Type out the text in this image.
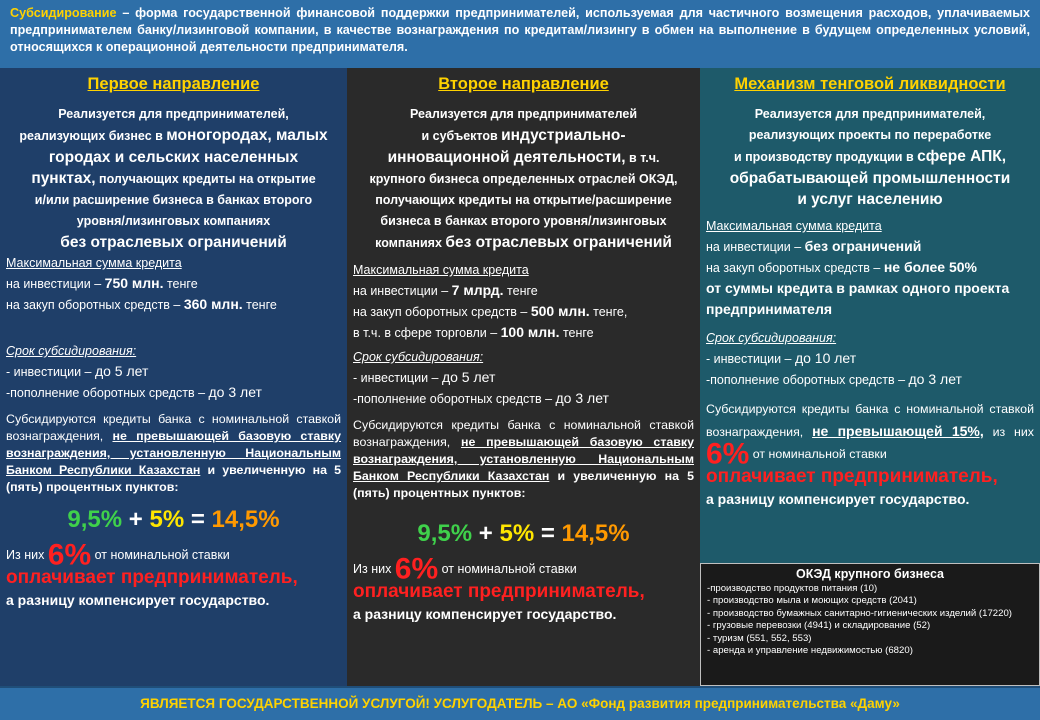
Субсидирование – форма государственной финансовой поддержки предпринимателей, используемая для частичного возмещения расходов, уплачиваемых предпринимателем банку/лизинговой компании, в качестве вознаграждения по кредитам/лизингу в обмен на выполнение в будущем определенных условий, относящихся к операционной деятельности предпринимателя.
Первое направление
Реализуется для предпринимателей,
реализующих бизнес в моногородах, малых
городах и сельских населенных
пунктах, получающих кредиты на открытие
и/или расширение бизнеса в банках второго
уровня/лизинговых компаниях
без отраслевых ограничений
Максимальная сумма кредита
на инвестиции – 750 млн. тенге
на закуп оборотных средств – 360 млн. тенге
Срок субсидирования:
- инвестиции – до 5 лет
-пополнение оборотных средств – до 3 лет
Субсидируются кредиты банка с номинальной ставкой вознаграждения, не превышающей базовую ставку вознаграждения, установленную Национальным Банком Республики Казахстан и увеличенную на 5 (пять) процентных пунктов:
9,5% + 5% = 14,5%
Из них 6% от номинальной ставки
оплачивает предприниматель,
а разницу компенсирует государство.
Второе направление
Реализуется для предпринимателей
и субъектов индустриально-
инновационной деятельности, в т.ч.
крупного бизнеса определенных отраслей ОКЭД,
получающих кредиты на открытие/расширение
бизнеса в банках второго уровня/лизинговых
компаниях без отраслевых ограничений
Максимальная сумма кредита
на инвестиции – 7 млрд. тенге
на закуп оборотных средств – 500 млн. тенге,
в т.ч. в сфере торговли – 100 млн. тенге
Срок субсидирования:
- инвестиции – до 5 лет
-пополнение оборотных средств – до 3 лет
Субсидируются кредиты банка с номинальной ставкой вознаграждения, не превышающей базовую ставку вознаграждения, установленную Национальным Банком Республики Казахстан и увеличенную на 5 (пять) процентных пунктов:
9,5% + 5% = 14,5%
Из них 6% от номинальной ставки
оплачивает предприниматель,
а разницу компенсирует государство.
Механизм тенговой ликвидности
Реализуется для предпринимателей,
реализующих проекты по переработке
и производству продукции в сфере АПК,
обрабатывающей промышленности
и услуг населению
Максимальная сумма кредита
на инвестиции – без ограничений
на закуп оборотных средств – не более 50%
от суммы кредита в рамках одного проекта предпринимателя
Срок субсидирования:
- инвестиции – до 10 лет
-пополнение оборотных средств – до 3 лет
Субсидируются кредиты банка с номинальной ставкой вознаграждения, не превышающей 15%, из них 6% от номинальной ставки
оплачивает предприниматель,
а разницу компенсирует государство.
ОКЭД крупного бизнеса
-производство продуктов питания (10)
- производство мыла и моющих средств (2041)
- производство бумажных санитарно-гигиенических изделий (17220)
- грузовые перевозки (4941) и складирование (52)
- туризм (551, 552, 553)
- аренда и управление недвижимостью (6820)
ЯВЛЯЕТСЯ ГОСУДАРСТВЕННОЙ УСЛУГОЙ! УСЛУГОДАТЕЛЬ – АО «Фонд развития предпринимательства «Даму»
